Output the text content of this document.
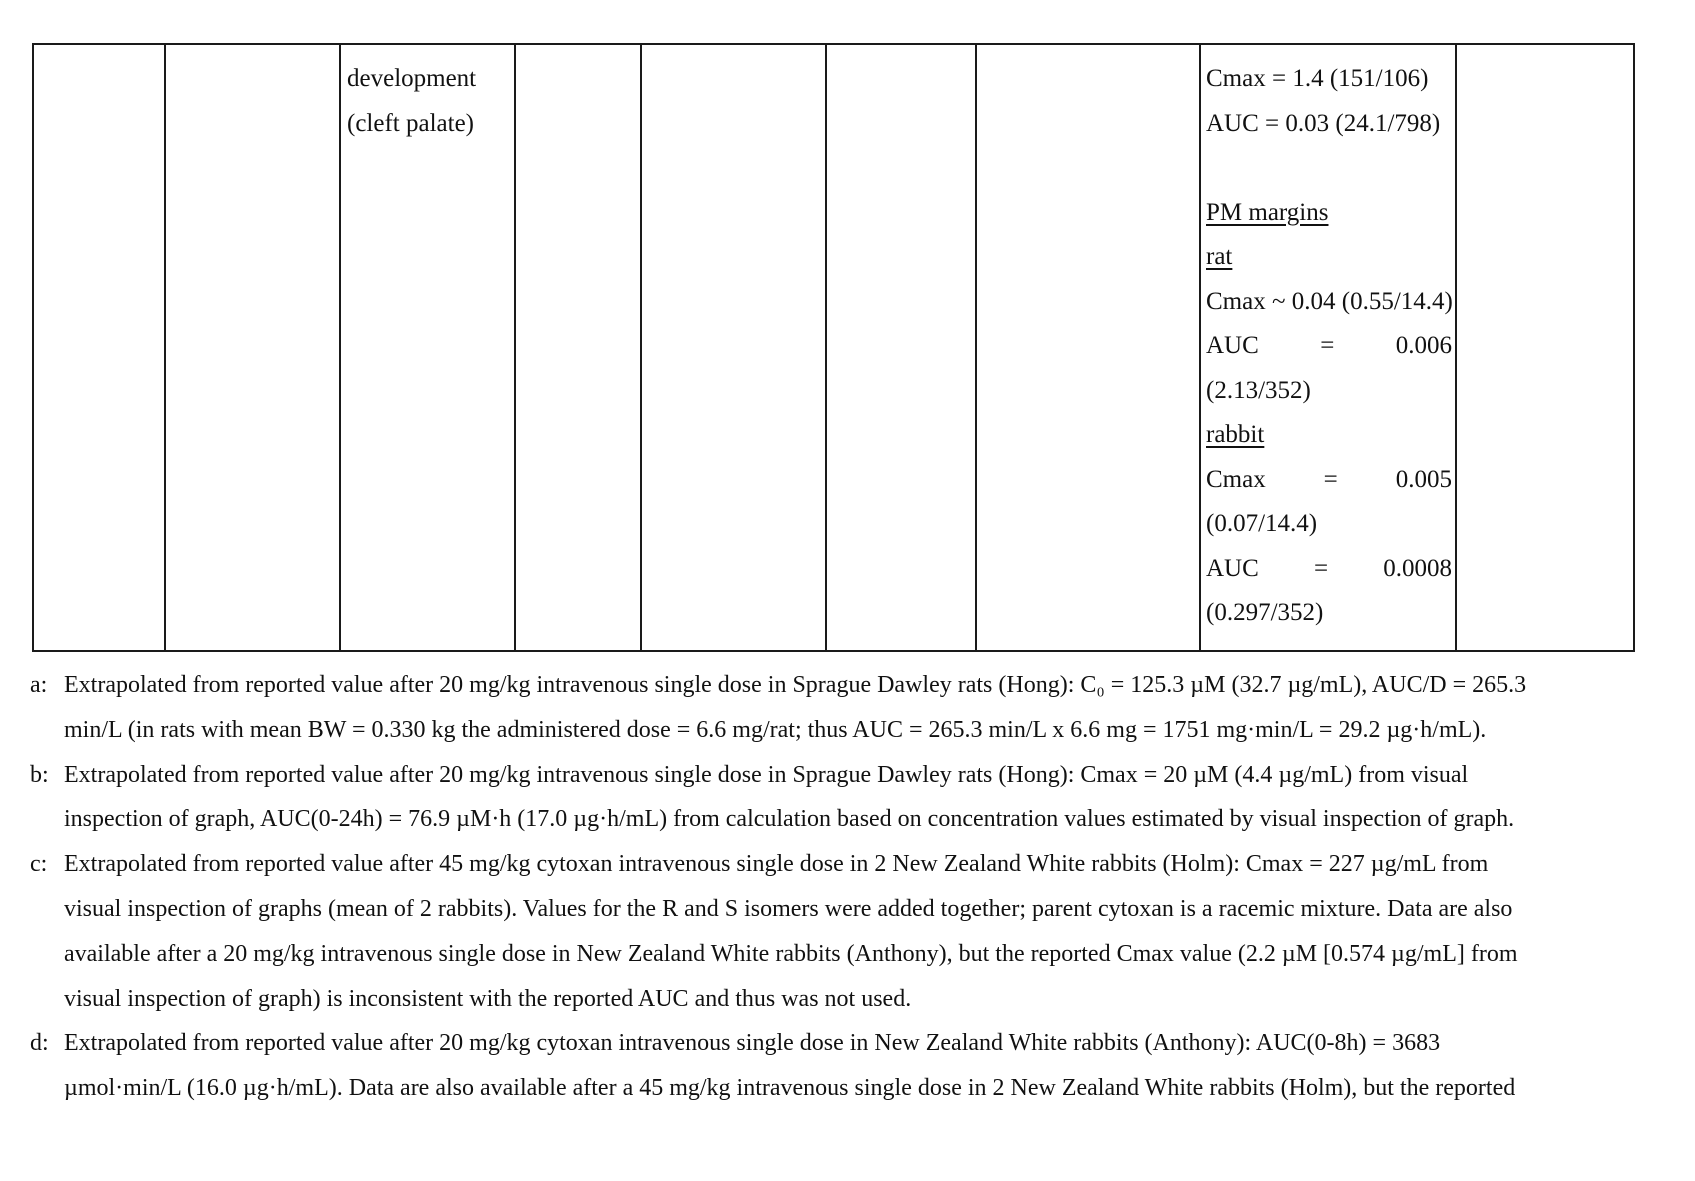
development
(cleft palate)
Cmax = 1.4 (151/106)
AUC = 0.03 (24.1/798)
PM margins
rat
Cmax ~ 0.04 (0.55/14.4)
AUC = 0.006
(2.13/352)
rabbit
Cmax = 0.005
(0.07/14.4)
AUC = 0.0008
(0.297/352)
a: Extrapolated from reported value after 20 mg/kg intravenous single dose in Sprague Dawley rats (Hong): C₀ = 125.3 µM (32.7 µg/mL), AUC/D = 265.3
min/L (in rats with mean BW = 0.330 kg the administered dose = 6.6 mg/rat; thus AUC = 265.3 min/L x 6.6 mg = 1751 mg·min/L = 29.2 µg·h/mL).
b: Extrapolated from reported value after 20 mg/kg intravenous single dose in Sprague Dawley rats (Hong): Cmax = 20 µM (4.4 µg/mL) from visual
inspection of graph, AUC(0-24h) = 76.9 µM·h (17.0 µg·h/mL) from calculation based on concentration values estimated by visual inspection of graph.
c: Extrapolated from reported value after 45 mg/kg cytoxan intravenous single dose in 2 New Zealand White rabbits (Holm): Cmax = 227 µg/mL from
visual inspection of graphs (mean of 2 rabbits). Values for the R and S isomers were added together; parent cytoxan is a racemic mixture. Data are also
available after a 20 mg/kg intravenous single dose in New Zealand White rabbits (Anthony), but the reported Cmax value (2.2 µM [0.574 µg/mL] from
visual inspection of graph) is inconsistent with the reported AUC and thus was not used.
d: Extrapolated from reported value after 20 mg/kg cytoxan intravenous single dose in New Zealand White rabbits (Anthony): AUC(0-8h) = 3683
µmol·min/L (16.0 µg·h/mL). Data are also available after a 45 mg/kg intravenous single dose in 2 New Zealand White rabbits (Holm), but the reported
